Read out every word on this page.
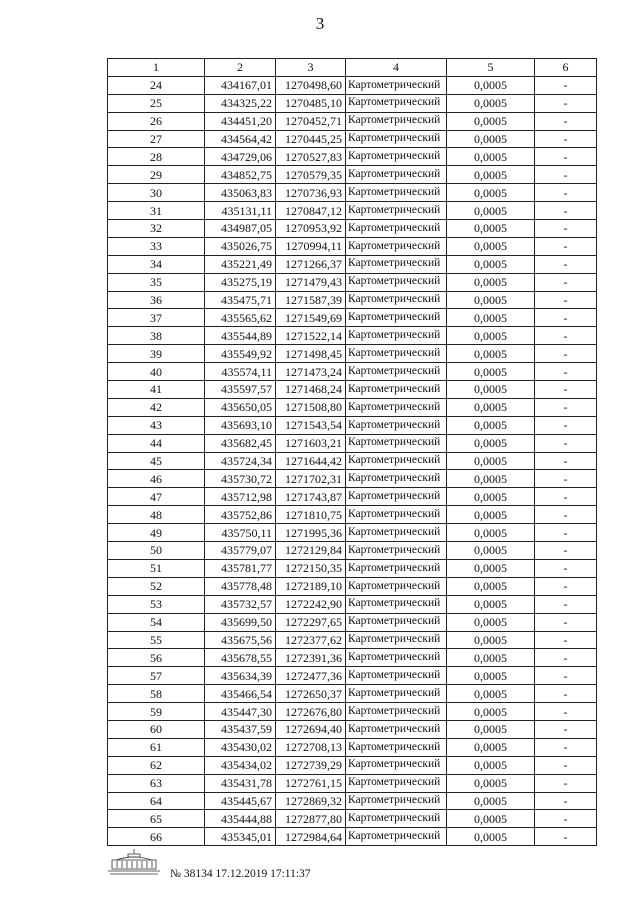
3
1	2	3	4	5	6
24	434167,01	1270498,60	Картометрический	0,0005	-
25	434325,22	1270485,10	Картометрический	0,0005	-
26	434451,20	1270452,71	Картометрический	0,0005	-
27	434564,42	1270445,25	Картометрический	0,0005	-
28	434729,06	1270527,83	Картометрический	0,0005	-
29	434852,75	1270579,35	Картометрический	0,0005	-
30	435063,83	1270736,93	Картометрический	0,0005	-
31	435131,11	1270847,12	Картометрический	0,0005	-
32	434987,05	1270953,92	Картометрический	0,0005	-
33	435026,75	1270994,11	Картометрический	0,0005	-
34	435221,49	1271266,37	Картометрический	0,0005	-
35	435275,19	1271479,43	Картометрический	0,0005	-
36	435475,71	1271587,39	Картометрический	0,0005	-
37	435565,62	1271549,69	Картометрический	0,0005	-
38	435544,89	1271522,14	Картометрический	0,0005	-
39	435549,92	1271498,45	Картометрический	0,0005	-
40	435574,11	1271473,24	Картометрический	0,0005	-
41	435597,57	1271468,24	Картометрический	0,0005	-
42	435650,05	1271508,80	Картометрический	0,0005	-
43	435693,10	1271543,54	Картометрический	0,0005	-
44	435682,45	1271603,21	Картометрический	0,0005	-
45	435724,34	1271644,42	Картометрический	0,0005	-
46	435730,72	1271702,31	Картометрический	0,0005	-
47	435712,98	1271743,87	Картометрический	0,0005	-
48	435752,86	1271810,75	Картометрический	0,0005	-
49	435750,11	1271995,36	Картометрический	0,0005	-
50	435779,07	1272129,84	Картометрический	0,0005	-
51	435781,77	1272150,35	Картометрический	0,0005	-
52	435778,48	1272189,10	Картометрический	0,0005	-
53	435732,57	1272242,90	Картометрический	0,0005	-
54	435699,50	1272297,65	Картометрический	0,0005	-
55	435675,56	1272377,62	Картометрический	0,0005	-
56	435678,55	1272391,36	Картометрический	0,0005	-
57	435634,39	1272477,36	Картометрический	0,0005	-
58	435466,54	1272650,37	Картометрический	0,0005	-
59	435447,30	1272676,80	Картометрический	0,0005	-
60	435437,59	1272694,40	Картометрический	0,0005	-
61	435430,02	1272708,13	Картометрический	0,0005	-
62	435434,02	1272739,29	Картометрический	0,0005	-
63	435431,78	1272761,15	Картометрический	0,0005	-
64	435445,67	1272869,32	Картометрический	0,0005	-
65	435444,88	1272877,80	Картометрический	0,0005	-
66	435345,01	1272984,64	Картометрический	0,0005	-
№ 38134 17.12.2019 17:11:37
